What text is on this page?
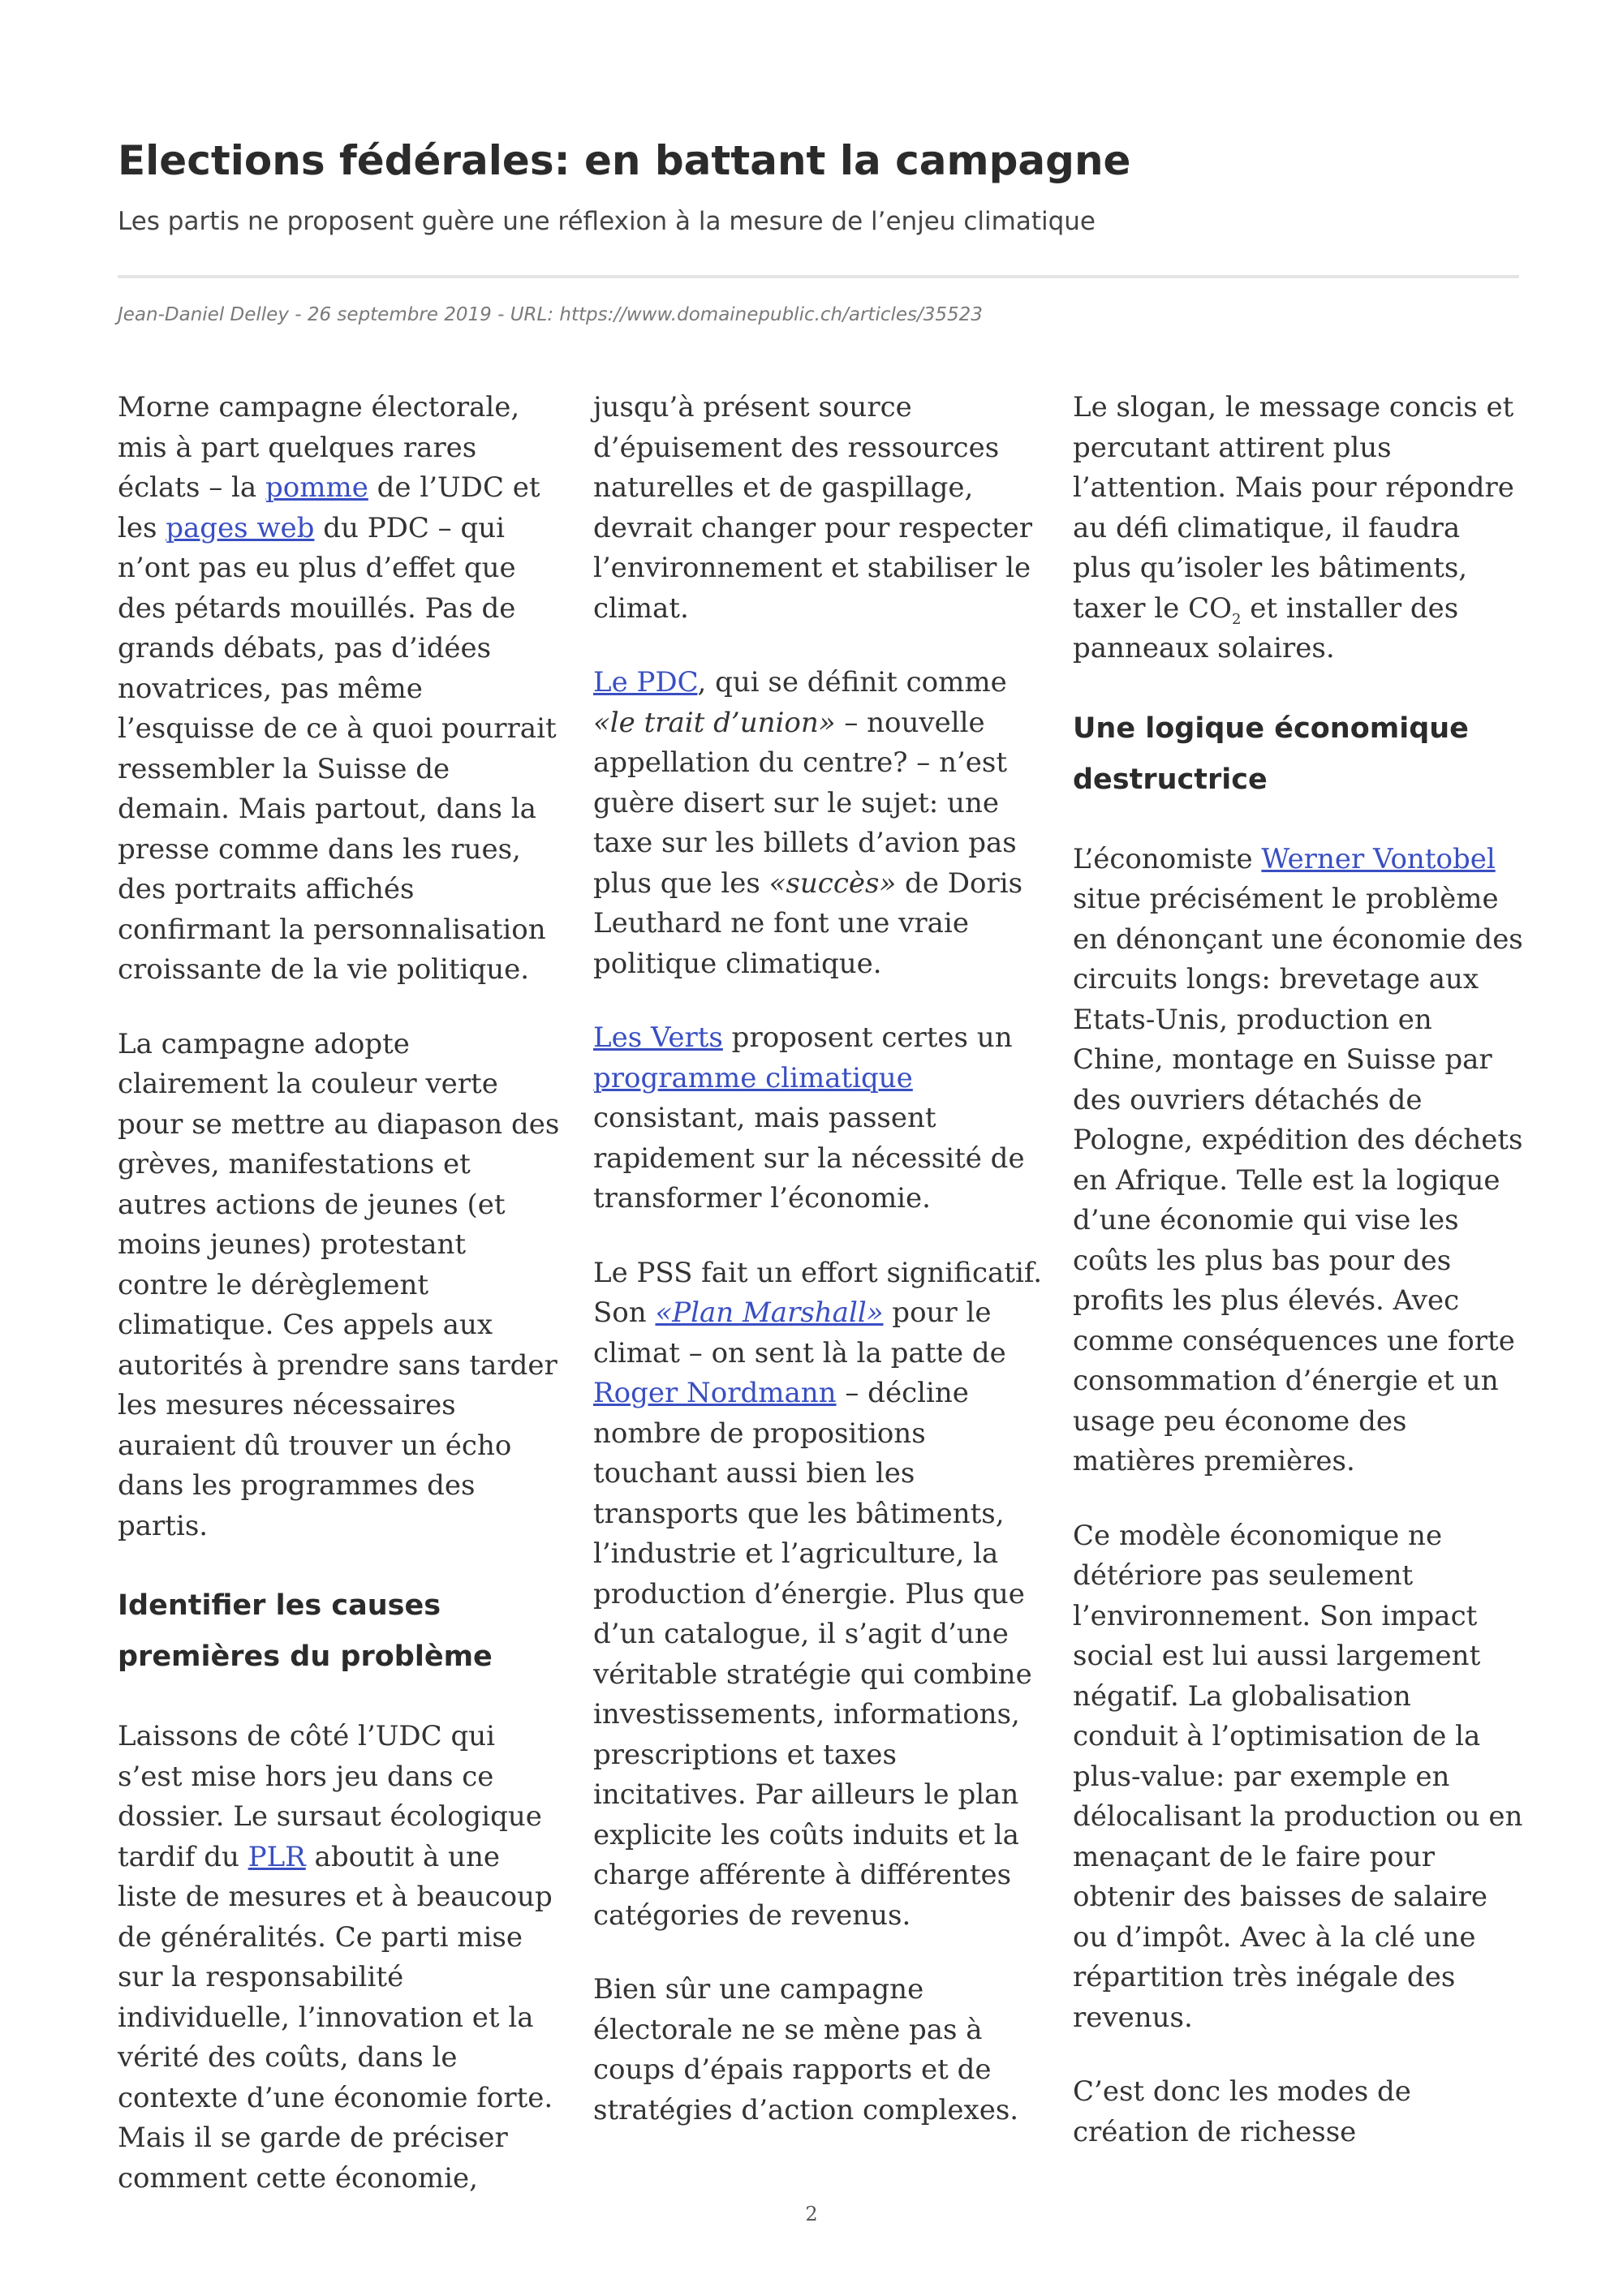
Elections fédérales: en battant la campagne
Les partis ne proposent guère une réflexion à la mesure de l’enjeu climatique
Jean-Daniel Delley - 26 septembre 2019 - URL: https://www.domainepublic.ch/articles/35523

Morne campagne électorale, mis à part quelques rares éclats – la pomme de l’UDC et les pages web du PDC – qui n’ont pas eu plus d’effet que des pétards mouillés. Pas de grands débats, pas d’idées novatrices, pas même l’esquisse de ce à quoi pourrait ressembler la Suisse de demain. Mais partout, dans la presse comme dans les rues, des portraits affichés confirmant la personnalisation croissante de la vie politique.

La campagne adopte clairement la couleur verte pour se mettre au diapason des grèves, manifestations et autres actions de jeunes (et moins jeunes) protestant contre le dérèglement climatique. Ces appels aux autorités à prendre sans tarder les mesures nécessaires auraient dû trouver un écho dans les programmes des partis.

Identifier les causes premières du problème

Laissons de côté l’UDC qui s’est mise hors jeu dans ce dossier. Le sursaut écologique tardif du PLR aboutit à une liste de mesures et à beaucoup de généralités. Ce parti mise sur la responsabilité individuelle, l’innovation et la vérité des coûts, dans le contexte d’une économie forte. Mais il se garde de préciser comment cette économie,

jusqu’à présent source d’épuisement des ressources naturelles et de gaspillage, devrait changer pour respecter l’environnement et stabiliser le climat.

Le PDC, qui se définit comme «le trait d’union» – nouvelle appellation du centre? – n’est guère disert sur le sujet: une taxe sur les billets d’avion pas plus que les «succès» de Doris Leuthard ne font une vraie politique climatique.

Les Verts proposent certes un programme climatique consistant, mais passent rapidement sur la nécessité de transformer l’économie.

Le PSS fait un effort significatif. Son «Plan Marshall» pour le climat – on sent là la patte de Roger Nordmann – décline nombre de propositions touchant aussi bien les transports que les bâtiments, l’industrie et l’agriculture, la production d’énergie. Plus que d’un catalogue, il s’agit d’une véritable stratégie qui combine investissements, informations, prescriptions et taxes incitatives. Par ailleurs le plan explicite les coûts induits et la charge afférente à différentes catégories de revenus.

Bien sûr une campagne électorale ne se mène pas à coups d’épais rapports et de stratégies d’action complexes.

Le slogan, le message concis et percutant attirent plus l’attention. Mais pour répondre au défi climatique, il faudra plus qu’isoler les bâtiments, taxer le $CO_2$ et installer des panneaux solaires.

Une logique économique destructrice

L’économiste Werner Vontobel situe précisément le problème en dénonçant une économie des circuits longs: brevetage aux Etats-Unis, production en Chine, montage en Suisse par des ouvriers détachés de Pologne, expédition des déchets en Afrique. Telle est la logique d’une économie qui vise les coûts les plus bas pour des profits les plus élevés. Avec comme conséquences une forte consommation d’énergie et un usage peu économe des matières premières.

Ce modèle économique ne détériore pas seulement l’environnement. Son impact social est lui aussi largement négatif. La globalisation conduit à l’optimisation de la plus-value: par exemple en délocalisant la production ou en menaçant de le faire pour obtenir des baisses de salaire ou d’impôt. Avec à la clé une répartition très inégale des revenus.

C’est donc les modes de création de richesse

2
